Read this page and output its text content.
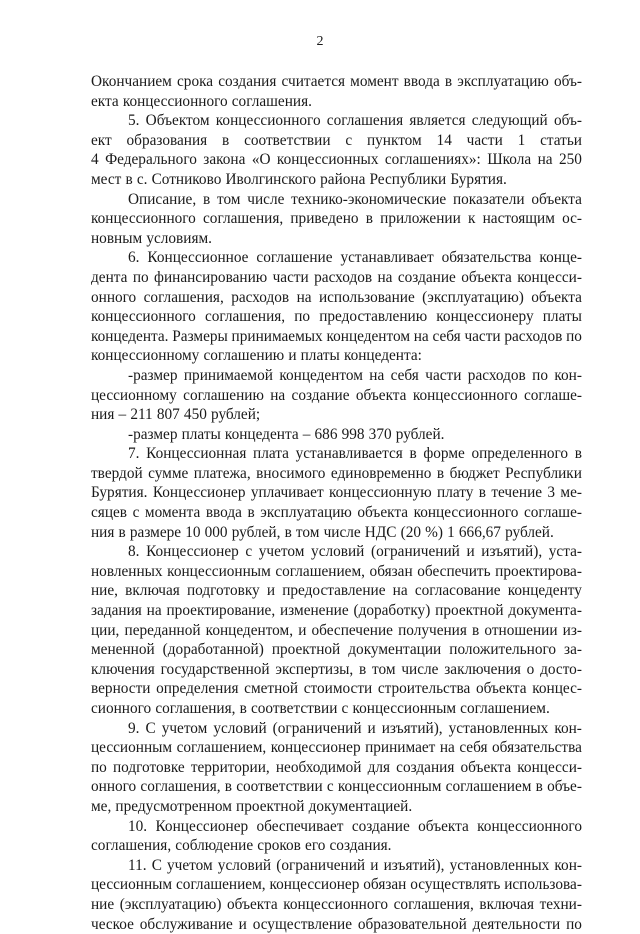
2
Окончанием срока создания считается момент ввода в эксплуатацию объ-
екта концессионного соглашения.
5. Объектом концессионного соглашения является следующий объ-
ект образования в соответствии с пунктом 14 части 1 статьи
4 Федерального закона «О концессионных соглашениях»: Школа на 250
мест в с. Сотниково Иволгинского района Республики Бурятия.
Описание, в том числе технико-экономические показатели объекта
концессионного соглашения, приведено в приложении к настоящим ос-
новным условиям.
6. Концессионное соглашение устанавливает обязательства конце-
дента по финансированию части расходов на создание объекта концесси-
онного соглашения, расходов на использование (эксплуатацию) объекта
концессионного соглашения, по предоставлению концессионеру платы
концедента. Размеры принимаемых концедентом на себя части расходов по
концессионному соглашению и платы концедента:
-размер принимаемой концедентом на себя части расходов по кон-
цессионному соглашению на создание объекта концессионного соглаше-
ния – 211 807 450 рублей;
-размер платы концедента – 686 998 370 рублей.
7. Концессионная плата устанавливается в форме определенного в
твердой сумме платежа, вносимого единовременно в бюджет Республики
Бурятия. Концессионер уплачивает концессионную плату в течение 3 ме-
сяцев с момента ввода в эксплуатацию объекта концессионного соглаше-
ния в размере 10 000 рублей, в том числе НДС (20 %) 1 666,67 рублей.
8. Концессионер с учетом условий (ограничений и изъятий), уста-
новленных концессионным соглашением, обязан обеспечить проектирова-
ние, включая подготовку и предоставление на согласование концеденту
задания на проектирование, изменение (доработку) проектной документа-
ции, переданной концедентом, и обеспечение получения в отношении из-
мененной (доработанной) проектной документации положительного за-
ключения государственной экспертизы, в том числе заключения о досто-
верности определения сметной стоимости строительства объекта концес-
сионного соглашения, в соответствии с концессионным соглашением.
9. С учетом условий (ограничений и изъятий), установленных кон-
цессионным соглашением, концессионер принимает на себя обязательства
по подготовке территории, необходимой для создания объекта концесси-
онного соглашения, в соответствии с концессионным соглашением в объе-
ме, предусмотренном проектной документацией.
10. Концессионер обеспечивает создание объекта концессионного
соглашения, соблюдение сроков его создания.
11. С учетом условий (ограничений и изъятий), установленных кон-
цессионным соглашением, концессионер обязан осуществлять использова-
ние (эксплуатацию) объекта концессионного соглашения, включая техни-
ческое обслуживание и осуществление образовательной деятельности по
